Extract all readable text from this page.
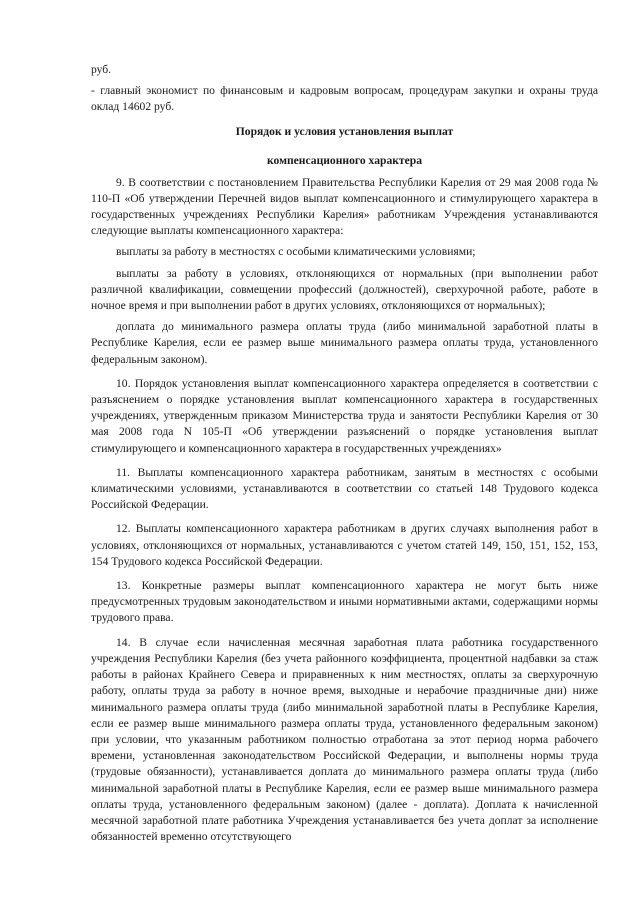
руб.

- главный экономист по финансовым и кадровым вопросам, процедурам закупки и охраны труда оклад 14602 руб.

Порядок и условия установления выплат
компенсационного характера

9. В соответствии с постановлением Правительства Республики Карелия от 29 мая 2008 года № 110-П «Об утверждении Перечней видов выплат компенсационного и стимулирующего характера в государственных учреждениях Республики Карелия» работникам Учреждения устанавливаются следующие выплаты компенсационного характера:

выплаты за работу в местностях с особыми климатическими условиями;

выплаты за работу в условиях, отклоняющихся от нормальных (при выполнении работ различной квалификации, совмещении профессий (должностей), сверхурочной работе, работе в ночное время и при выполнении работ в других условиях, отклоняющихся от нормальных);

доплата до минимального размера оплаты труда (либо минимальной заработной платы в Республике Карелия, если ее размер выше минимального размера оплаты труда, установленного федеральным законом).

10. Порядок установления выплат компенсационного характера определяется в соответствии с разъяснением о порядке установления выплат компенсационного характера в государственных учреждениях, утвержденным приказом Министерства труда и занятости Республики Карелия от 30 мая 2008 года N 105-П «Об утверждении разъяснений о порядке установления выплат стимулирующего и компенсационного характера в государственных учреждениях»

11. Выплаты компенсационного характера работникам, занятым в местностях с особыми климатическими условиями, устанавливаются в соответствии со статьей 148 Трудового кодекса Российской Федерации.

12. Выплаты компенсационного характера работникам в других случаях выполнения работ в условиях, отклоняющихся от нормальных, устанавливаются с учетом статей 149, 150, 151, 152, 153, 154 Трудового кодекса Российской Федерации.

13. Конкретные размеры выплат компенсационного характера не могут быть ниже предусмотренных трудовым законодательством и иными нормативными актами, содержащими нормы трудового права.

14. В случае если начисленная месячная заработная плата работника государственного учреждения Республики Карелия (без учета районного коэффициента, процентной надбавки за стаж работы в районах Крайнего Севера и приравненных к ним местностях, оплаты за сверхурочную работу, оплаты труда за работу в ночное время, выходные и нерабочие праздничные дни) ниже минимального размера оплаты труда (либо минимальной заработной платы в Республике Карелия, если ее размер выше минимального размера оплаты труда, установленного федеральным законом) при условии, что указанным работником полностью отработана за этот период норма рабочего времени, установленная законодательством Российской Федерации, и выполнены нормы труда (трудовые обязанности), устанавливается доплата до минимального размера оплаты труда (либо минимальной заработной платы в Республике Карелия, если ее размер выше минимального размера оплаты труда, установленного федеральным законом) (далее - доплата). Доплата к начисленной месячной заработной плате работника Учреждения устанавливается без учета доплат за исполнение обязанностей временно отсутствующего
